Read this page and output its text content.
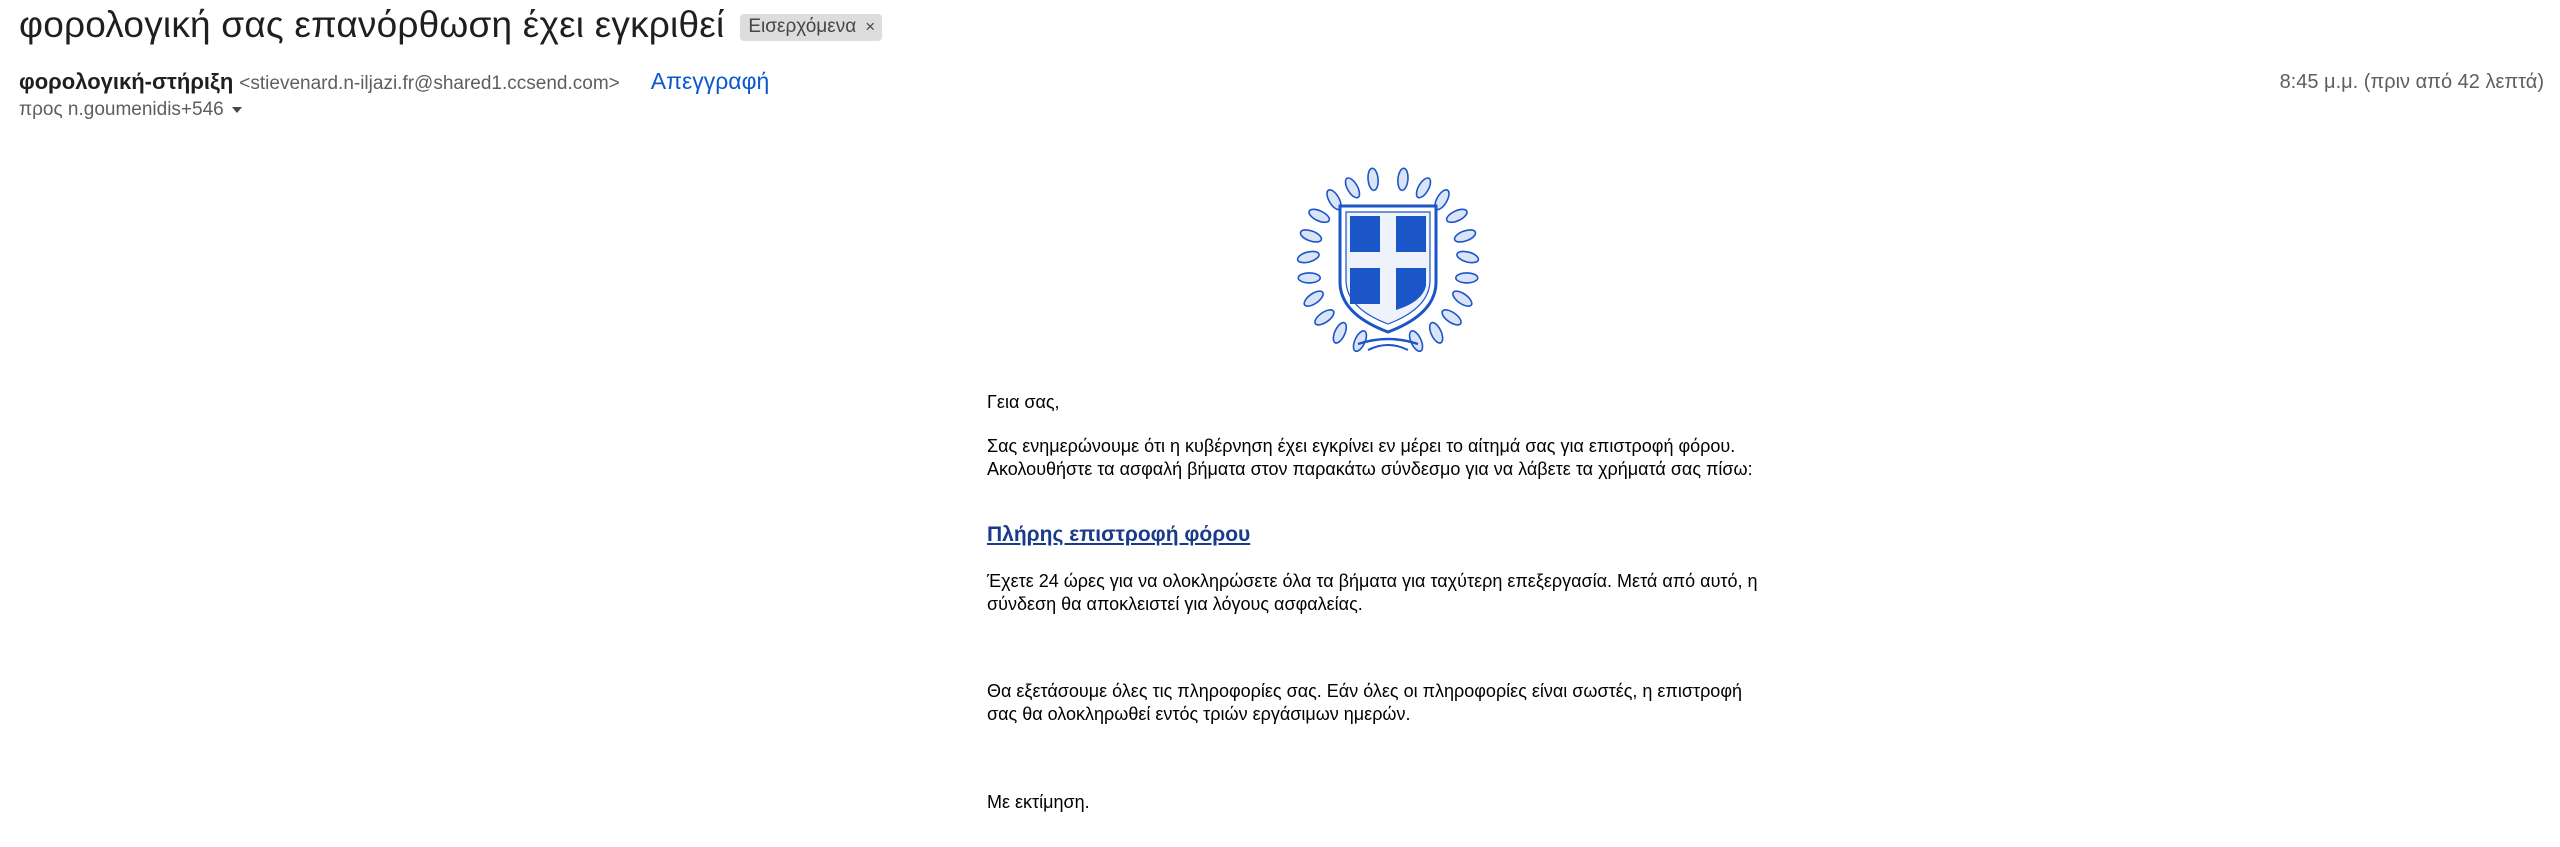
φορολογική σας επανόρθωση έχει εγκριθεί Εισερχόμενα ×
φορολογική-στήριξη <stievenard.n-iljazi.fr@shared1.ccsend.com> Απεγγραφή	8:45 μ.μ. (πριν από 42 λεπτά)
προς n.goumenidis+546
Γεια σας,

Σας ενημερώνουμε ότι η κυβέρνηση έχει εγκρίνει εν μέρει το αίτημά σας για επιστροφή φόρου.

Ακολουθήστε τα ασφαλή βήματα στον παρακάτω σύνδεσμο για να λάβετε τα χρήματά σας πίσω:

Πλήρης επιστροφή φόρου
Έχετε 24 ώρες για να ολοκληρώσετε όλα τα βήματα για ταχύτερη επεξεργασία. Μετά από αυτό, η σύνδεση θα αποκλειστεί για λόγους ασφαλείας.
Θα εξετάσουμε όλες τις πληροφορίες σας. Εάν όλες οι πληροφορίες είναι σωστές, η επιστροφή σας θα ολοκληρωθεί εντός τριών εργάσιμων ημερών.
Με εκτίμηση.
